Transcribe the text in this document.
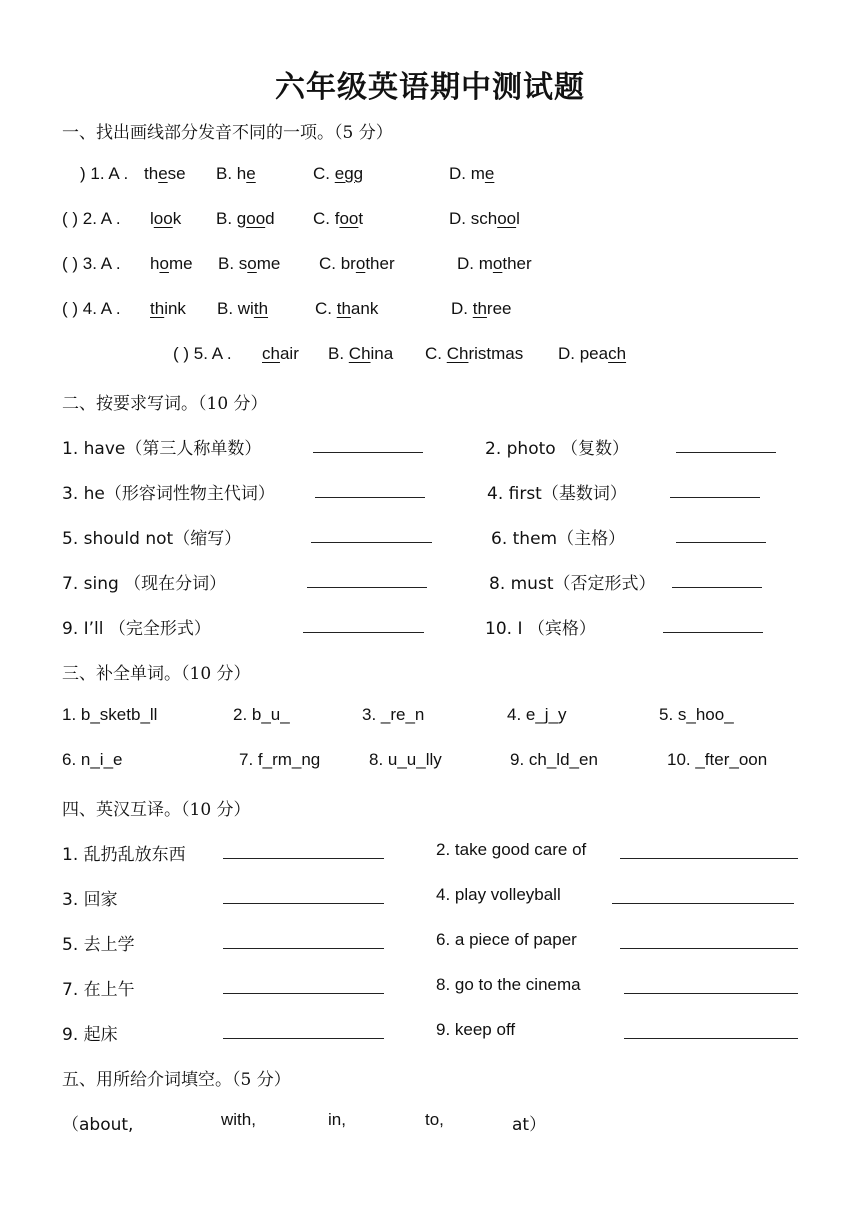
六年级英语期中测试题
一、找出画线部分发音不同的一项。（5 分）
) 1. A . these B. he	C. egg	D. me
( ) 2. A . look B. good C. foot	D. school
( ) 3. A . home B. some C. brother	D. mother
( ) 4. A . think B. with	C. thank	D. three
( ) 5. A . chair B. China C. Christmas D. peach
二、按要求写词。（10 分）
1. have（第三人称单数）	2. photo （复数）
3. he（形容词性物主代词）	4. first（基数词）
5. should not（缩写）	6. them（主格）
7. sing （现在分词）	8. must（否定形式）
9. I’ll （完全形式）	10. I （宾格）
三、补全单词。（10 分）
1. b_sketb_ll	2. b_u_	3. _re_n	4. e_j_y	5. s_hoo_
6. n_i_e	7. f_rm_ng	8. u_u_lly	9. ch_ld_en	10. _fter_oon
四、英汉互译。（10 分）
1. 乱扔乱放东西	2. take good care of
3. 回家	4. play volleyball
5. 去上学	6. a piece of paper
7. 在上午	8. go to the cinema
9. 起床	9. keep off
五、用所给介词填空。（5 分）
（about,	with,	in,	to,	at）
